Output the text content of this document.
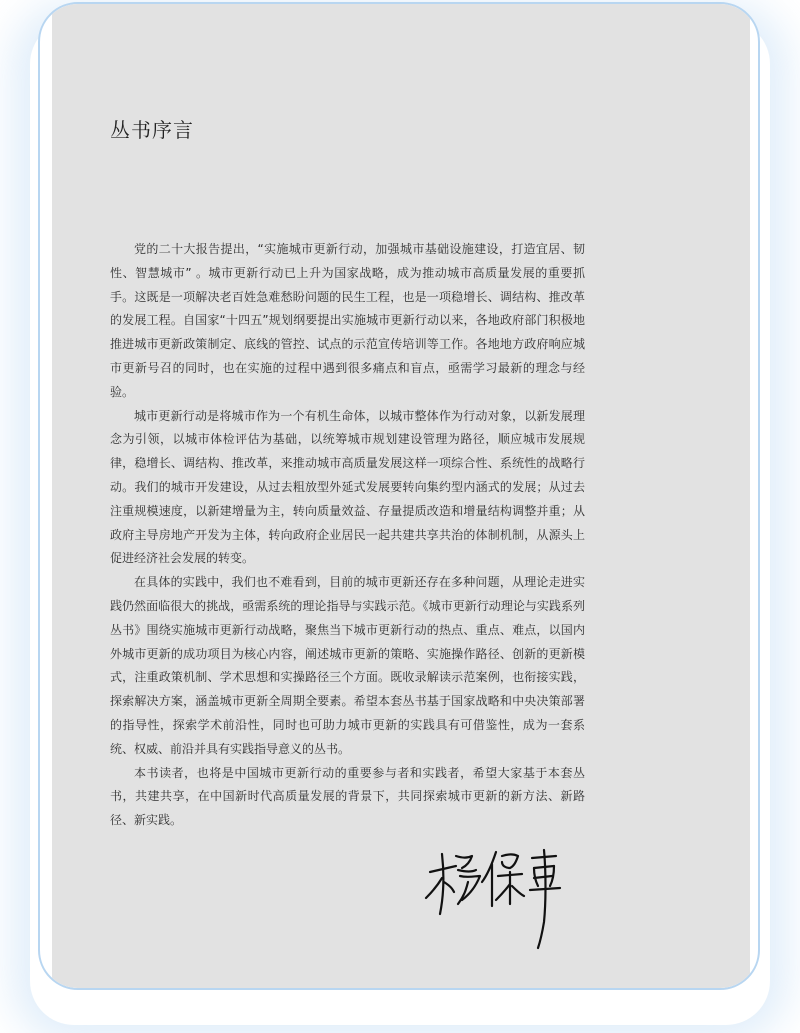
丛书序言

党的二十大报告提出，“实施城市更新行动，加强城市基础设施建设，打造宜居、韧性、智慧城市” 。城市更新行动已上升为国家战略，成为推动城市高质量发展的重要抓手。这既是一项解决老百姓急难愁盼问题的民生工程，也是一项稳增长、调结构、推改革的发展工程。自国家“十四五”规划纲要提出实施城市更新行动以来，各地政府部门积极地推进城市更新政策制定、底线的管控、试点的示范宣传培训等工作。各地地方政府响应城市更新号召的同时，也在实施的过程中遇到很多痛点和盲点，亟需学习最新的理念与经验。

城市更新行动是将城市作为一个有机生命体，以城市整体作为行动对象，以新发展理念为引领，以城市体检评估为基础，以统筹城市规划建设管理为路径，顺应城市发展规律，稳增长、调结构、推改革，来推动城市高质量发展这样一项综合性、系统性的战略行动。我们的城市开发建设，从过去粗放型外延式发展要转向集约型内涵式的发展；从过去注重规模速度，以新建增量为主，转向质量效益、存量提质改造和增量结构调整并重；从政府主导房地产开发为主体，转向政府企业居民一起共建共享共治的体制机制，从源头上促进经济社会发展的转变。

在具体的实践中，我们也不难看到，目前的城市更新还存在多种问题，从理论走进实践仍然面临很大的挑战，亟需系统的理论指导与实践示范。《城市更新行动理论与实践系列丛书》围绕实施城市更新行动战略，聚焦当下城市更新行动的热点、重点、难点，以国内外城市更新的成功项目为核心内容，阐述城市更新的策略、实施操作路径、创新的更新模式，注重政策机制、学术思想和实操路径三个方面。既收录解读示范案例，也衔接实践，探索解决方案，涵盖城市更新全周期全要素。希望本套丛书基于国家战略和中央决策部署的指导性，探索学术前沿性，同时也可助力城市更新的实践具有可借鉴性，成为一套系统、权威、前沿并具有实践指导意义的丛书。

本书读者，也将是中国城市更新行动的重要参与者和实践者，希望大家基于本套丛书，共建共享，在中国新时代高质量发展的背景下，共同探索城市更新的新方法、新路径、新实践。
